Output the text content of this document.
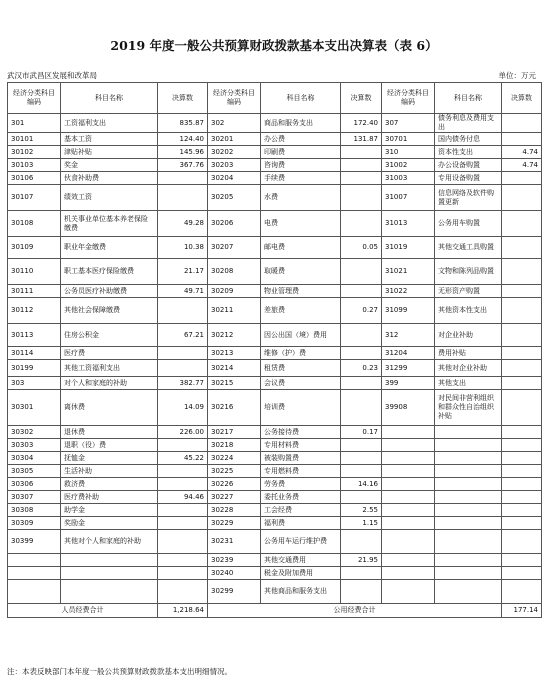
2019 年度一般公共预算财政拨款基本支出决算表（表 6）
武汉市武昌区发展和改革局	单位：万元
经济分类科目编码	科目名称	决算数	经济分类科目编码	科目名称	决算数	经济分类科目编码	科目名称	决算数
301	工资福利支出	835.87	302	商品和服务支出	172.40	307	债务利息及费用支出	
30101	基本工资	124.40	30201	办公费	131.87	30701	国内债务付息	
30102	津贴补贴	145.96	30202	印刷费		310	资本性支出	4.74
30103	奖金	367.76	30203	咨询费		31002	办公设备购置	4.74
30106	伙食补助费		30204	手续费		31003	专用设备购置	
30107	绩效工资		30205	水费		31007	信息网络及软件购置更新	
30108	机关事业单位基本养老保险缴费	49.28	30206	电费		31013	公务用车购置	
30109	职业年金缴费	10.38	30207	邮电费	0.05	31019	其他交通工具购置	
30110	职工基本医疗保险缴费	21.17	30208	取暖费		31021	文物和陈列品购置	
30111	公务员医疗补助缴费	49.71	30209	物业管理费		31022	无形资产购置	
30112	其他社会保障缴费		30211	差旅费	0.27	31099	其他资本性支出	
30113	住房公积金	67.21	30212	因公出国（境）费用		312	对企业补助	
30114	医疗费		30213	维修（护）费		31204	费用补贴	
30199	其他工资福利支出		30214	租赁费	0.23	31299	其他对企业补助	
303	对个人和家庭的补助	382.77	30215	会议费		399	其他支出	
30301	离休费	14.09	30216	培训费		39908	对民间非营利组织和群众性自治组织补贴	
30302	退休费	226.00	30217	公务接待费	0.17			
30303	退职（役）费		30218	专用材料费				
30304	抚恤金	45.22	30224	被装购置费				
30305	生活补助		30225	专用燃料费				
30306	救济费		30226	劳务费	14.16			
30307	医疗费补助	94.46	30227	委托业务费				
30308	助学金		30228	工会经费	2.55			
30309	奖励金		30229	福利费	1.15			
30399	其他对个人和家庭的补助		30231	公务用车运行维护费				
			30239	其他交通费用	21.95			
			30240	税金及附加费用				
			30299	其他商品和服务支出				
人员经费合计		1,218.64	公用经费合计					177.14
注：本表反映部门本年度一般公共预算财政拨款基本支出明细情况。
